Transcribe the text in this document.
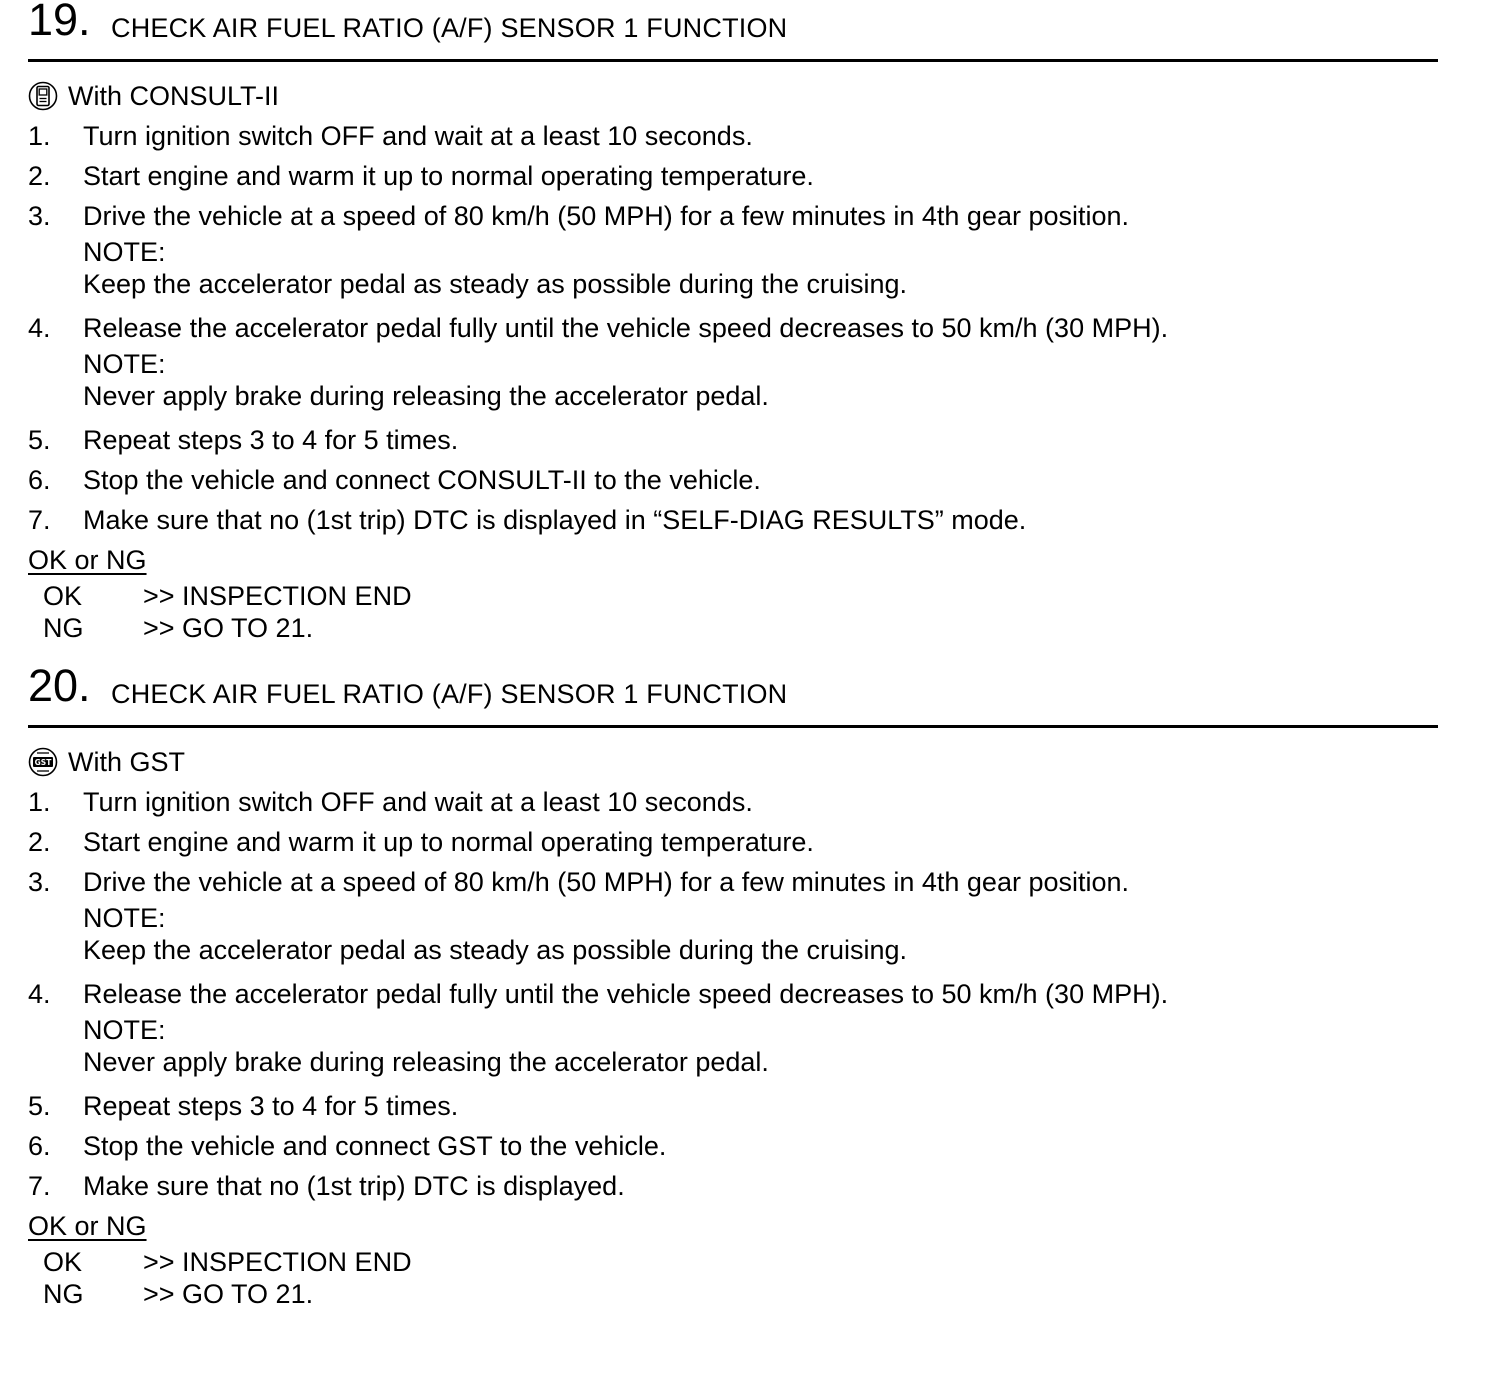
19. CHECK AIR FUEL RATIO (A/F) SENSOR 1 FUNCTION
With CONSULT-II
1. Turn ignition switch OFF and wait at a least 10 seconds.
2. Start engine and warm it up to normal operating temperature.
3. Drive the vehicle at a speed of 80 km/h (50 MPH) for a few minutes in 4th gear position.
NOTE:
Keep the accelerator pedal as steady as possible during the cruising.
4. Release the accelerator pedal fully until the vehicle speed decreases to 50 km/h (30 MPH).
NOTE:
Never apply brake during releasing the accelerator pedal.
5. Repeat steps 3 to 4 for 5 times.
6. Stop the vehicle and connect CONSULT-II to the vehicle.
7. Make sure that no (1st trip) DTC is displayed in “SELF-DIAG RESULTS” mode.
OK or NG
OK >> INSPECTION END
NG >> GO TO 21.
20. CHECK AIR FUEL RATIO (A/F) SENSOR 1 FUNCTION
GST With GST
1. Turn ignition switch OFF and wait at a least 10 seconds.
2. Start engine and warm it up to normal operating temperature.
3. Drive the vehicle at a speed of 80 km/h (50 MPH) for a few minutes in 4th gear position.
NOTE:
Keep the accelerator pedal as steady as possible during the cruising.
4. Release the accelerator pedal fully until the vehicle speed decreases to 50 km/h (30 MPH).
NOTE:
Never apply brake during releasing the accelerator pedal.
5. Repeat steps 3 to 4 for 5 times.
6. Stop the vehicle and connect GST to the vehicle.
7. Make sure that no (1st trip) DTC is displayed.
OK or NG
OK >> INSPECTION END
NG >> GO TO 21.
